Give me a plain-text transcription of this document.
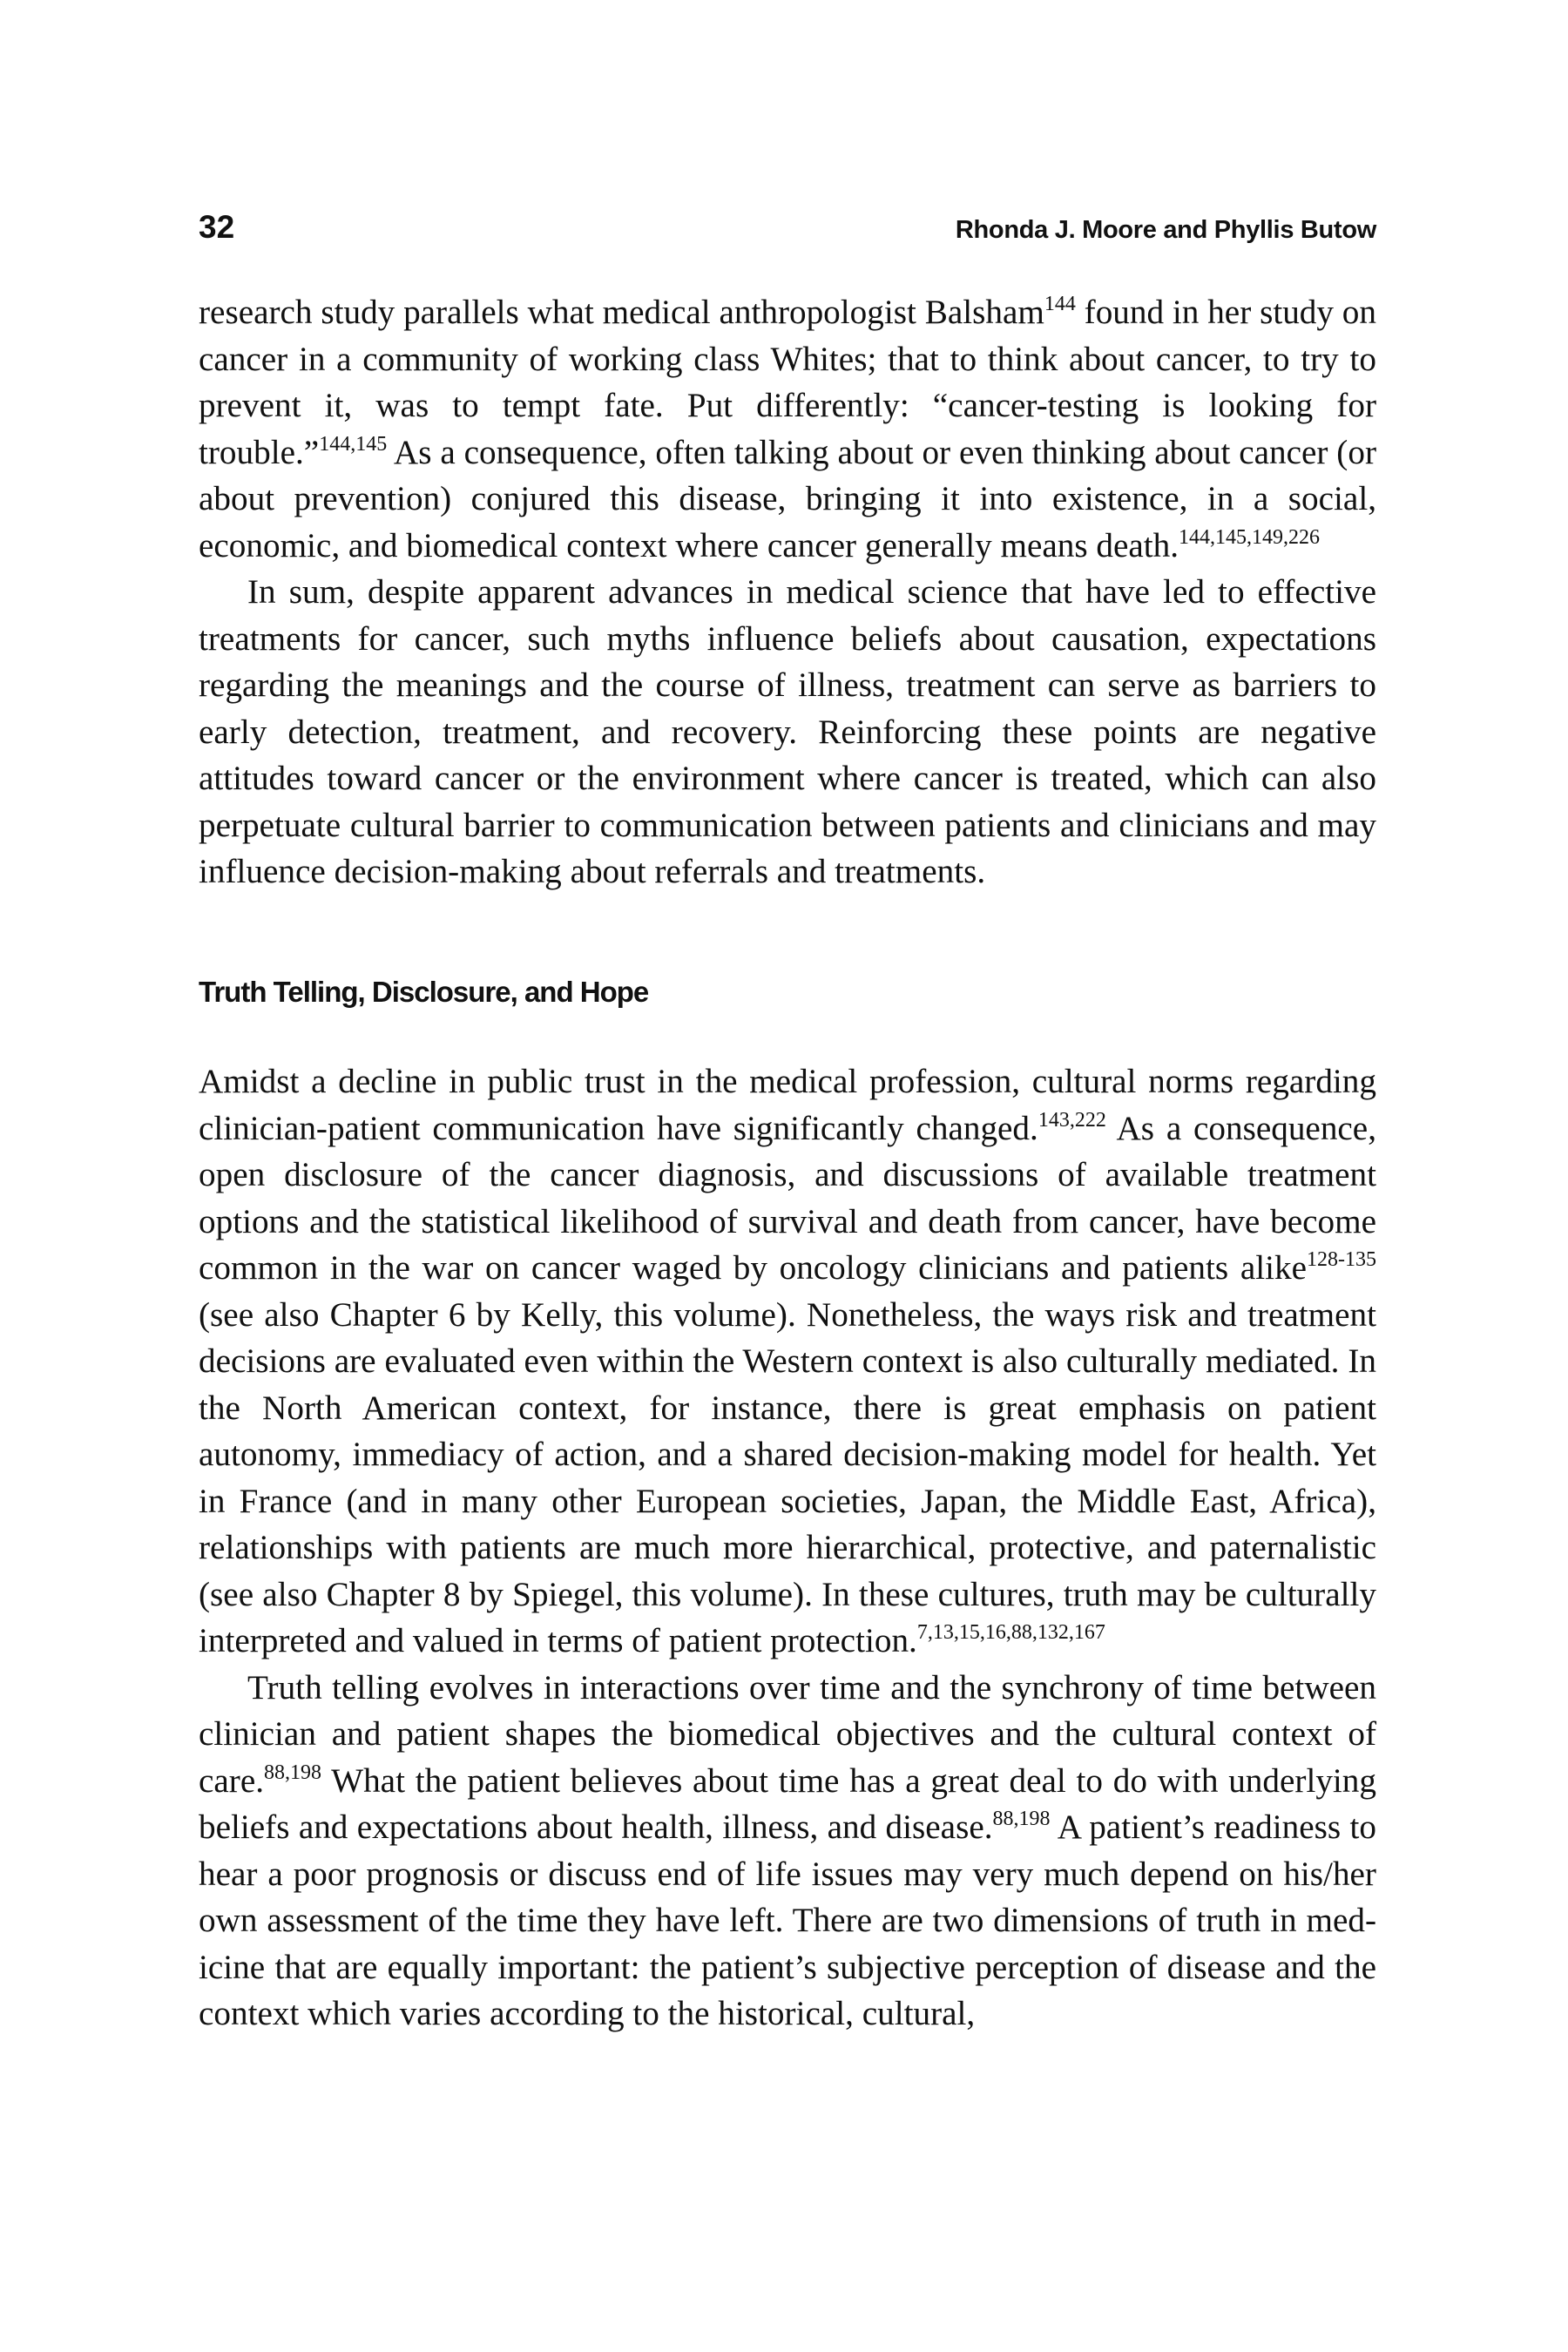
32	Rhonda J. Moore and Phyllis Butow

research study parallels what medical anthropologist Balsham$^{144}$ found in her study on cancer in a community of working class Whites; that to think about cancer, to try to prevent it, was to tempt fate. Put differently: “cancer-testing is looking for trouble.”$^{144,145}$ As a consequence, often talking about or even thinking about cancer (or about prevention) conjured this disease, bringing it into existence, in a social, economic, and biomedical context where cancer generally means death.$^{144,145,149,226}$

In sum, despite apparent advances in medical science that have led to effective treatments for cancer, such myths influence beliefs about causation, expectations regarding the meanings and the course of illness, treatment can serve as barriers to early detection, treatment, and recovery. Reinforcing these points are negative attitudes toward cancer or the environment where cancer is treated, which can also perpetuate cultural barrier to communication between patients and clinicians and may influence decision-making about referrals and treatments.

Truth Telling, Disclosure, and Hope

Amidst a decline in public trust in the medical profession, cultural norms regarding clinician-patient communication have significantly changed.$^{143,222}$ As a consequence, open disclosure of the cancer diagnosis, and discussions of available treatment options and the statistical likelihood of survival and death from cancer, have become common in the war on cancer waged by oncology clinicians and patients alike$^{128-135}$ (see also Chapter 6 by Kelly, this volume). Nonetheless, the ways risk and treatment decisions are evaluated even within the Western context is also culturally mediated. In the North American context, for instance, there is great emphasis on patient autonomy, immediacy of action, and a shared decision-making model for health. Yet in France (and in many other European societies, Japan, the Middle East, Africa), relationships with patients are much more hierarchical, protective, and paternalistic (see also Chapter 8 by Spiegel, this volume). In these cultures, truth may be culturally interpreted and valued in terms of patient protection.$^{7,13,15,16,88,132,167}$

Truth telling evolves in interactions over time and the synchrony of time between clinician and patient shapes the biomedical objectives and the cultural context of care.$^{88,198}$ What the patient believes about time has a great deal to do with underlying beliefs and expectations about health, illness, and disease.$^{88,198}$ A patient’s readiness to hear a poor prognosis or discuss end of life issues may very much depend on his/her own assessment of the time they have left. There are two dimensions of truth in medicine that are equally important: the patient’s subjective perception of disease and the context which varies according to the historical, cultural,
